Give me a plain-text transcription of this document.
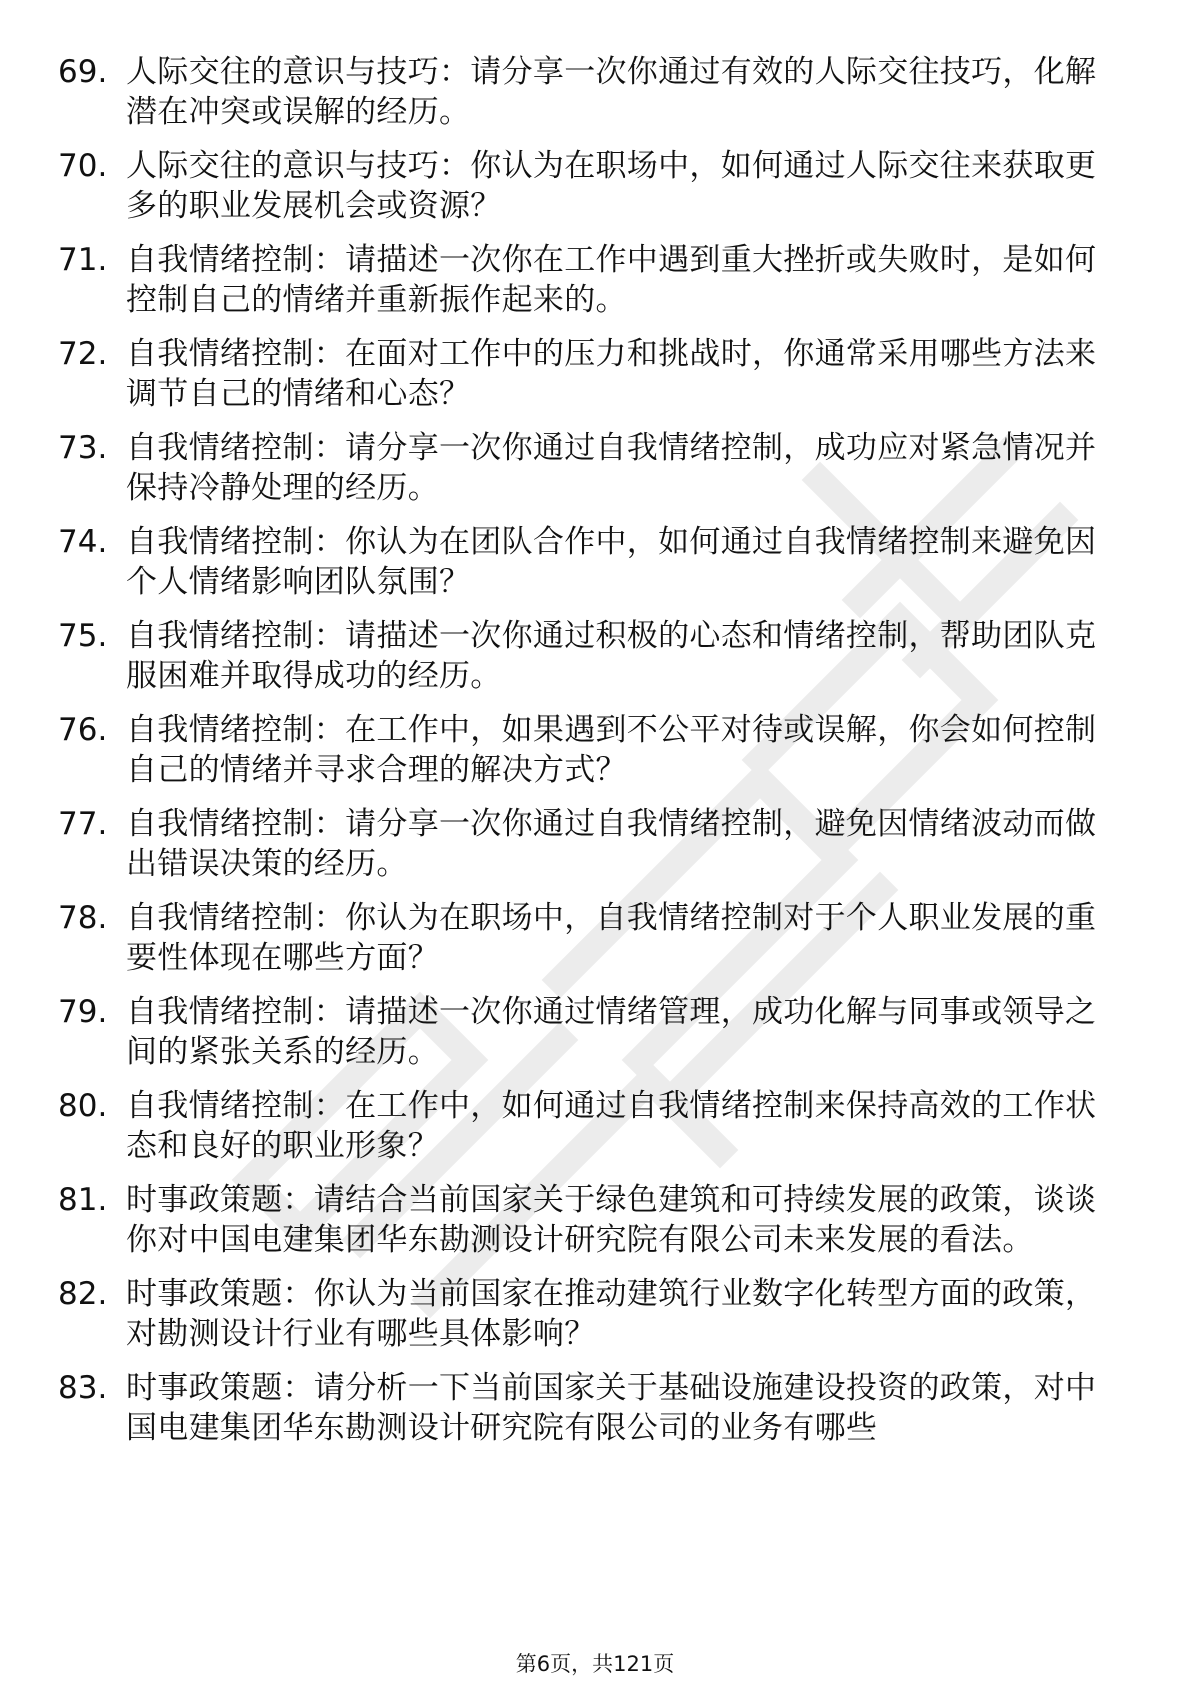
69. 人际交往的意识与技巧：请分享一次你通过有效的人际交往技巧，化解潜在冲突或误解的经历。
70. 人际交往的意识与技巧：你认为在职场中，如何通过人际交往来获取更多的职业发展机会或资源？
71. 自我情绪控制：请描述一次你在工作中遇到重大挫折或失败时，是如何控制自己的情绪并重新振作起来的。
72. 自我情绪控制：在面对工作中的压力和挑战时，你通常采用哪些方法来调节自己的情绪和心态？
73. 自我情绪控制：请分享一次你通过自我情绪控制，成功应对紧急情况并保持冷静处理的经历。
74. 自我情绪控制：你认为在团队合作中，如何通过自我情绪控制来避免因个人情绪影响团队氛围？
75. 自我情绪控制：请描述一次你通过积极的心态和情绪控制，帮助团队克服困难并取得成功的经历。
76. 自我情绪控制：在工作中，如果遇到不公平对待或误解，你会如何控制自己的情绪并寻求合理的解决方式？
77. 自我情绪控制：请分享一次你通过自我情绪控制，避免因情绪波动而做出错误决策的经历。
78. 自我情绪控制：你认为在职场中，自我情绪控制对于个人职业发展的重要性体现在哪些方面？
79. 自我情绪控制：请描述一次你通过情绪管理，成功化解与同事或领导之间的紧张关系的经历。
80. 自我情绪控制：在工作中，如何通过自我情绪控制来保持高效的工作状态和良好的职业形象？
81. 时事政策题：请结合当前国家关于绿色建筑和可持续发展的政策，谈谈你对中国电建集团华东勘测设计研究院有限公司未来发展的看法。
82. 时事政策题：你认为当前国家在推动建筑行业数字化转型方面的政策，对勘测设计行业有哪些具体影响？
83. 时事政策题：请分析一下当前国家关于基础设施建设投资的政策，对中国电建集团华东勘测设计研究院有限公司的业务有哪些
第6页，共121页
